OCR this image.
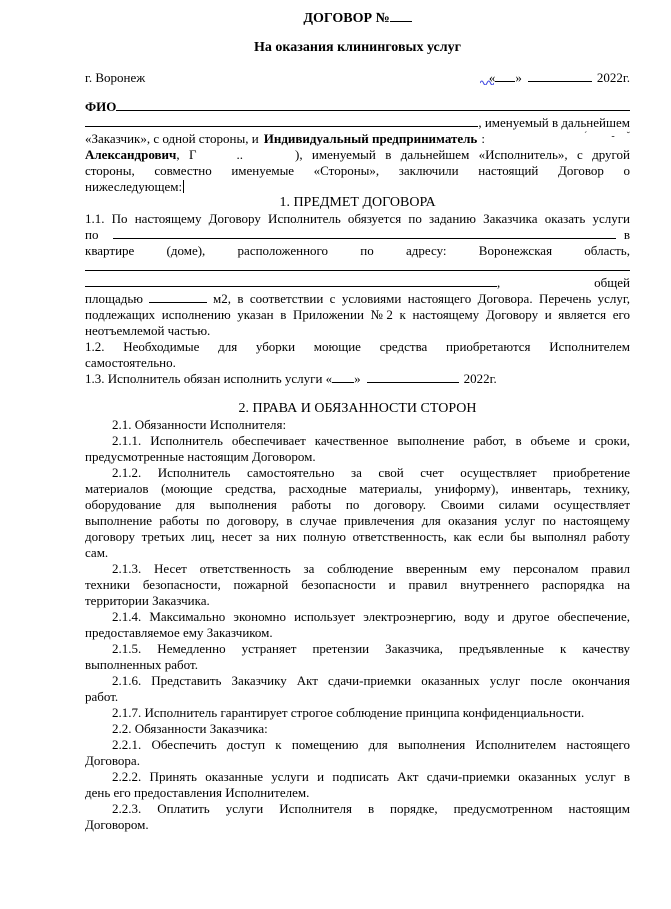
ДОГОВОР №
На оказания клининговых услуг
г. Воронеж	« »	2022г.
ФИО
, именуемый в дальнейшем
«Заказчик», с одной стороны, и Индивидуальный предприниматель :	´ ‑ ˘
Александрович, Г	..	), именуемый в дальнейшем «Исполнитель», с другой
стороны, совместно именуемые «Стороны», заключили настоящий Договор о
нижеследующем:
1. ПРЕДМЕТ ДОГОВОРА
1.1. По настоящему Договору Исполнитель обязуется по заданию Заказчика оказать услуги
по	в
квартире (доме), расположенного по адресу: Воронежская область,
,	общей
площадью	м2, в соответствии с условиями настоящего Договора. Перечень услуг,
подлежащих исполнению указан в Приложении №2 к настоящему Договору и является его
неотъемлемой частью.
1.2. Необходимые для уборки моющие средства приобретаются Исполнителем
самостоятельно.
1.3. Исполнитель обязан исполнить услуги « »	2022г.
2. ПРАВА И ОБЯЗАННОСТИ СТОРОН
2.1. Обязанности Исполнителя:
2.1.1. Исполнитель обеспечивает качественное выполнение работ, в объеме и сроки,
предусмотренные настоящим Договором.
2.1.2. Исполнитель самостоятельно за свой счет осуществляет приобретение
материалов (моющие средства, расходные материалы, униформу), инвентарь, технику,
оборудование для выполнения работы по договору. Своими силами осуществляет
выполнение работы по договору, в случае привлечения для оказания услуг по настоящему
договору третьих лиц, несет за них полную ответственность, как если бы выполнял работу
сам.
2.1.3. Несет ответственность за соблюдение вверенным ему персоналом правил
техники безопасности, пожарной безопасности и правил внутреннего распорядка на
территории Заказчика.
2.1.4. Максимально экономно использует электроэнергию, воду и другое обеспечение,
предоставляемое ему Заказчиком.
2.1.5. Немедленно устраняет претензии Заказчика, предъявленные к качеству
выполненных работ.
2.1.6. Представить Заказчику Акт сдачи-приемки оказанных услуг после окончания
работ.
2.1.7. Исполнитель гарантирует строгое соблюдение принципа конфиденциальности.
2.2. Обязанности Заказчика:
2.2.1. Обеспечить доступ к помещению для выполнения Исполнителем настоящего
Договора.
2.2.2. Принять оказанные услуги и подписать Акт сдачи-приемки оказанных услуг в
день его предоставления Исполнителем.
2.2.3. Оплатить услуги Исполнителя в порядке, предусмотренном настоящим
Договором.
